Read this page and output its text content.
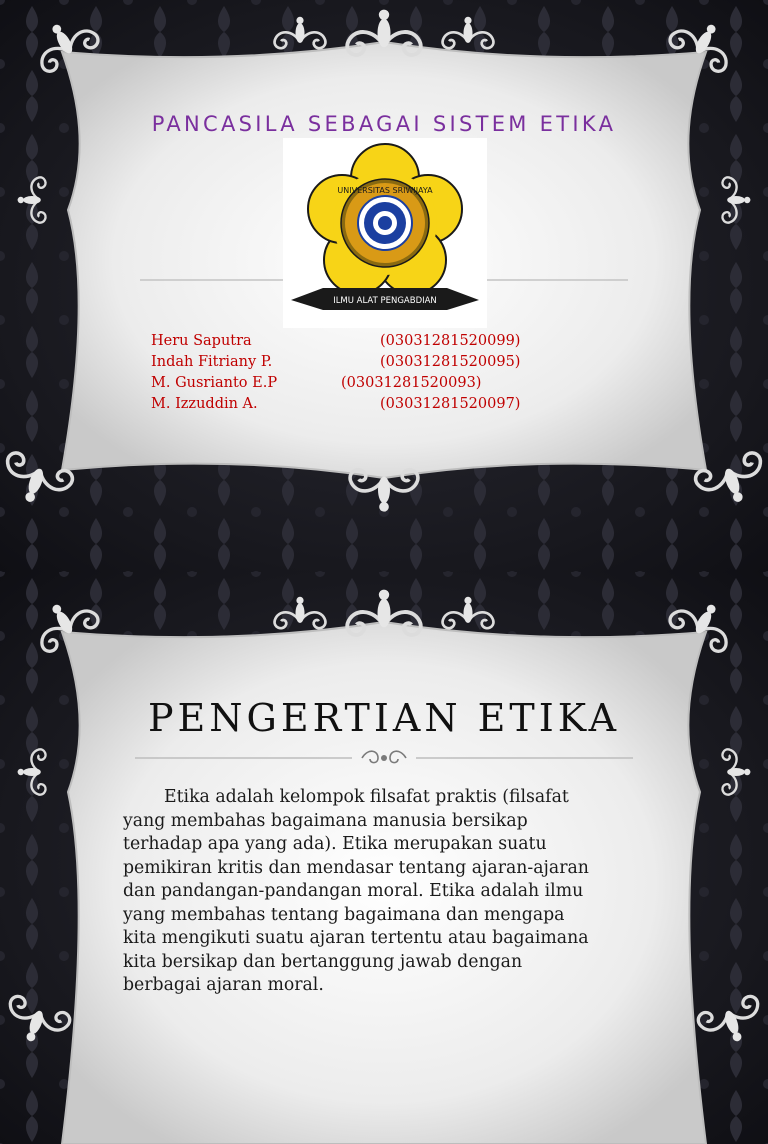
PANCASILA SEBAGAI SISTEM ETIKA
UNIVERSITAS SRIWIJAYA
ILMU ALAT PENGABDIAN
Heru Saputra	(03031281520099)
Indah Fitriany P.	(03031281520095)
M. Gusrianto E.P	(03031281520093)
M. Izzuddin A.	(03031281520097)
PENGERTIAN ETIKA
Etika adalah kelompok filsafat praktis (filsafat
yang membahas bagaimana manusia bersikap
terhadap apa yang ada). Etika merupakan suatu
pemikiran kritis dan mendasar tentang ajaran-ajaran
dan pandangan-pandangan moral. Etika adalah ilmu
yang membahas tentang bagaimana dan mengapa
kita mengikuti suatu ajaran tertentu atau bagaimana
kita bersikap dan bertanggung jawab dengan
berbagai ajaran moral.
